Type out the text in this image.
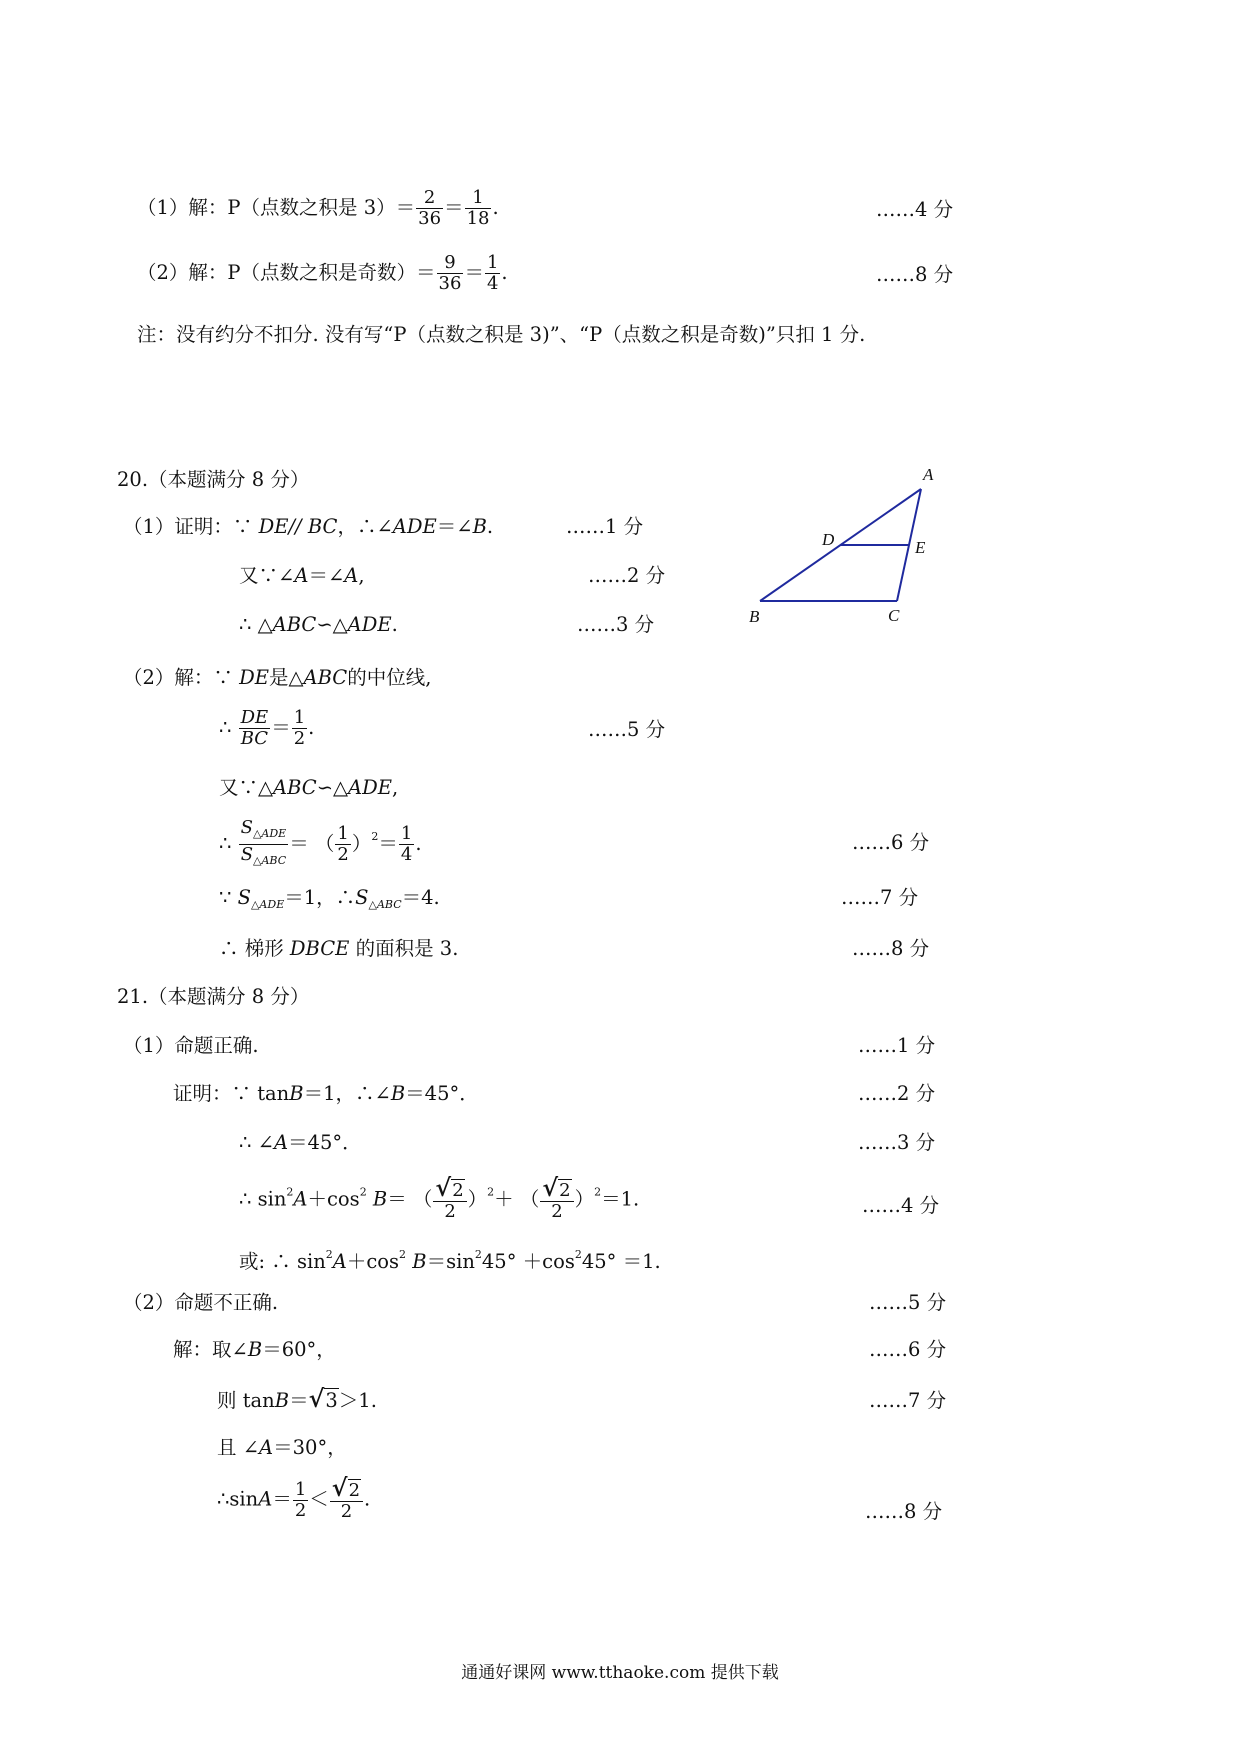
（1）解：P（点数之积是 $3)= \frac{2}{36} = \frac{1}{18}$ .	……4 分
（2）解：P（点数之积是奇数）＝ $\frac{9}{36} = \frac{1}{4}$ .	……8 分
注：没有约分不扣分. 没有写“P（点数之积是 3)”、“P（点数之积是奇数)”只扣 1 分.
20.（本题满分 8 分）
（1）证明：∵ DE// BC，∴∠ADE＝∠B.	……1 分
又∵∠A＝∠A,	……2 分
∴ △ABC∽△ADE.	……3 分
A
D	E
B	C
（2）解：∵ DE是△ABC的中位线,
∴ $\frac{DE}{BC} = \frac{1}{2}$ .	……5 分
又∵△ABC∽△ADE,
∴ $\frac{S_{\triangle ADE}}{S_{\triangle ABC}}$ ＝ （ $\frac{1}{2} )^2= \frac{1}{4}$ .	……6 分
∵ $S_{\triangle ADE}=1$，$\therefore S_{\triangle ABC}=4$.	……7 分
∴ 梯形 DBCE 的面积是 3.	……8 分
21.（本题满分 8 分）
（1）命题正确.	……1 分
证明：∵ tanB＝1，∴∠B＝45°．	……2 分
∴ ∠A＝45°．	……3 分
∴ $\sin^2A+\cos^2$ B＝ （ $\frac{√2}{2} )^2+$ （ $\frac{√2}{2} )^2=1$.	……4 分
或: ∴ $\sin^2A+\cos^2$ $B=\sin^245^\circ +\cos^245^\circ =1$.
（2）命题不正确.	……5 分
解：取∠B＝60°，	……6 分
则 tanB＝√3＞1.	……7 分
且 ∠A＝30°，
∴sinA＝ $\frac{1}{2} < \frac{√2}{2}$ .
……8 分
通通好课网 www.tthaoke.com 提供下载
